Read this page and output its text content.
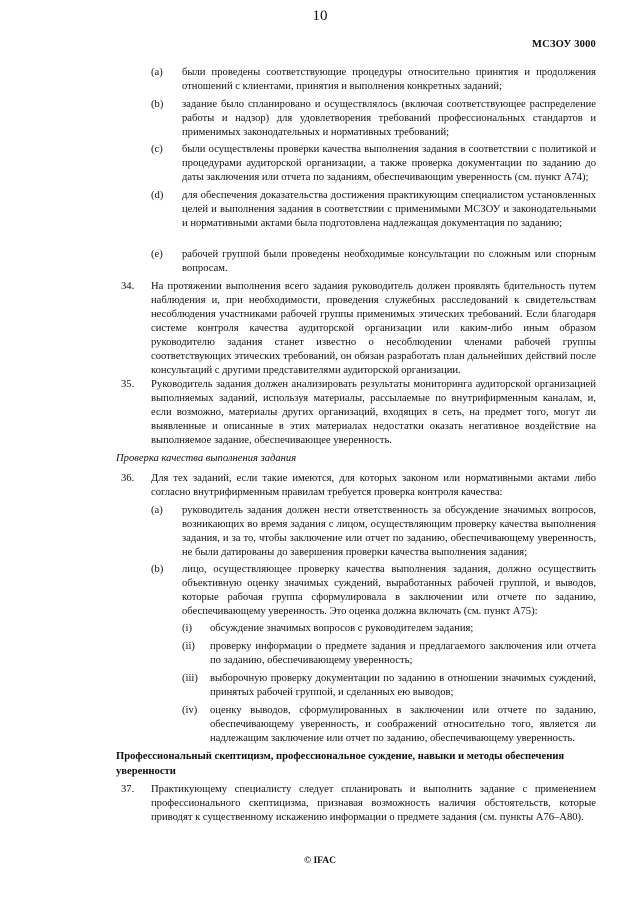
10
МСЗОУ 3000
(a) были проведены соответствующие процедуры относительно принятия и продолжения отношений с клиентами, принятия и выполнения конкретных заданий;
(b) задание было спланировано и осуществлялось (включая соответствующее распределение работы и надзор) для удовлетворения требований профессиональных стандартов и применимых законодательных и нормативных требований;
(c) были осуществлены проверки качества выполнения задания в соответствии с политикой и процедурами аудиторской организации, а также проверка документации по заданию до даты заключения или отчета по заданиям, обеспечивающим уверенность (см. пункт А74);
(d) для обеспечения доказательства достижения практикующим специалистом установленных целей и выполнения задания в соответствии с применимыми МСЗОУ и законодательными и нормативными актами была подготовлена надлежащая документация по заданию;
(e) рабочей группой были проведены необходимые консультации по сложным или спорным вопросам.
34. На протяжении выполнения всего задания руководитель должен проявлять бдительность путем наблюдения и, при необходимости, проведения служебных расследований к свидетельствам несоблюдения участниками рабочей группы применимых этических требований. Если благодаря системе контроля качества аудиторской организации или каким-либо иным образом руководителю задания станет известно о несоблюдении членами рабочей группы соответствующих этических требований, он обязан разработать план дальнейших действий после консультаций с другими представителями аудиторской организации.
35. Руководитель задания должен анализировать результаты мониторинга аудиторской организацией выполняемых заданий, используя материалы, рассылаемые по внутрифирменным каналам, и, если возможно, материалы других организаций, входящих в сеть, на предмет того, могут ли выявленные и описанные в этих материалах недостатки оказать негативное воздействие на выполняемое задание, обеспечивающее уверенность.
Проверка качества выполнения задания
36. Для тех заданий, если такие имеются, для которых законом или нормативными актами либо согласно внутрифирменным правилам требуется проверка контроля качества:
(a) руководитель задания должен нести ответственность за обсуждение значимых вопросов, возникающих во время задания с лицом, осуществляющим проверку качества выполнения задания, и за то, чтобы заключение или отчет по заданию, обеспечивающему уверенность, не были датированы до завершения проверки качества выполнения задания;
(b) лицо, осуществляющее проверку качества выполнения задания, должно осуществить объективную оценку значимых суждений, выработанных рабочей группой, и выводов, которые рабочая группа сформулировала в заключении или отчете по заданию, обеспечивающему уверенность. Это оценка должна включать (см. пункт А75):
(i) обсуждение значимых вопросов с руководителем задания;
(ii) проверку информации о предмете задания и предлагаемого заключения или отчета по заданию, обеспечивающему уверенность;
(iii) выборочную проверку документации по заданию в отношении значимых суждений, принятых рабочей группой, и сделанных ею выводов;
(iv) оценку выводов, сформулированных в заключении или отчете по заданию, обеспечивающему уверенность, и соображений относительно того, является ли надлежащим заключение или отчет по заданию, обеспечивающему уверенность.
Профессиональный скептицизм, профессиональное суждение, навыки и методы обеспечения уверенности
37. Практикующему специалисту следует спланировать и выполнить задание с применением профессионального скептицизма, признавая возможность наличия обстоятельств, которые приводят к существенному искажению информации о предмете задания (см. пункты А76–А80).
© IFAC
